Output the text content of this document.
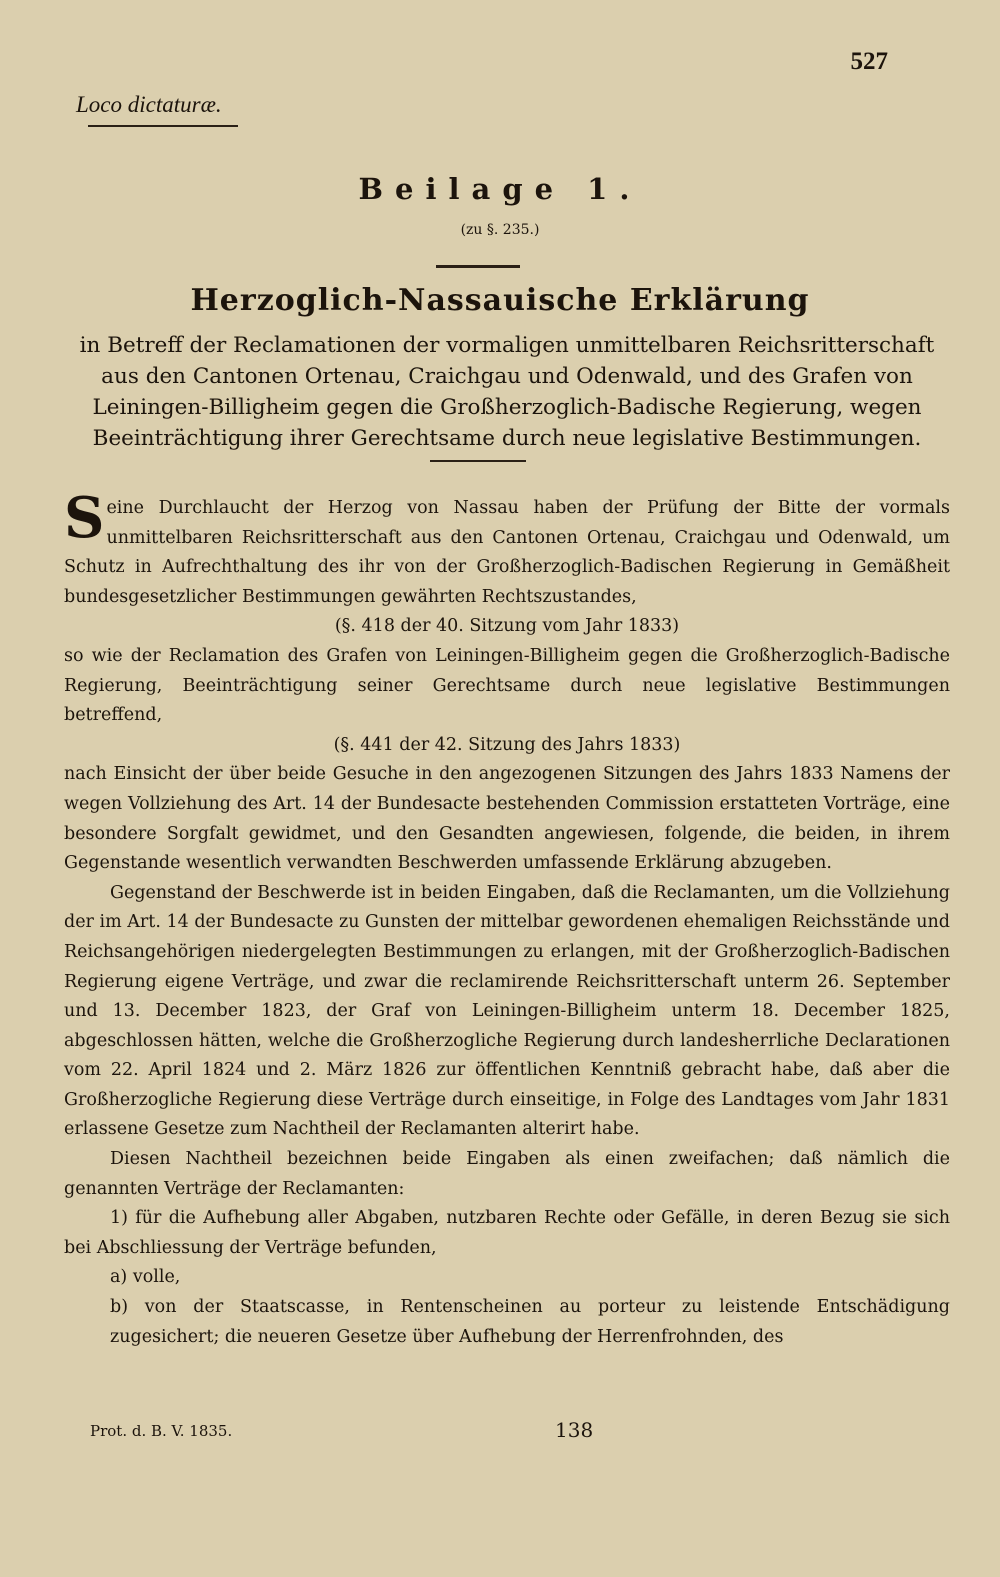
527
Loco dictaturæ.
Beilage 1.
(zu §. 235.)
Herzoglich-Nassauische Erklärung
in Betreff der Reclamationen der vormaligen unmittelbaren Reichsritterschaft aus den Cantonen Ortenau, Craichgau und Odenwald, und des Grafen von Leiningen-Billigheim gegen die Großherzoglich-Badische Regierung, wegen Beeinträchtigung ihrer Gerechtsame durch neue legislative Bestimmungen.

Seine Durchlaucht der Herzog von Nassau haben der Prüfung der Bitte der vormals unmittelbaren Reichsritterschaft aus den Cantonen Ortenau, Craichgau und Odenwald, um Schutz in Aufrechthaltung des ihr von der Großherzoglich-Badischen Regierung in Gemäßheit bundesgesetzlicher Bestimmungen gewährten Rechtszustandes,

(§. 418 der 40. Sitzung vom Jahr 1833)

so wie der Reclamation des Grafen von Leiningen-Billigheim gegen die Großherzoglich-Badische Regierung, Beeinträchtigung seiner Gerechtsame durch neue legislative Bestimmungen betreffend,

(§. 441 der 42. Sitzung des Jahrs 1833)

nach Einsicht der über beide Gesuche in den angezogenen Sitzungen des Jahrs 1833 Namens der wegen Vollziehung des Art. 14 der Bundesacte bestehenden Commission erstatteten Vorträge, eine besondere Sorgfalt gewidmet, und den Gesandten angewiesen, folgende, die beiden, in ihrem Gegenstande wesentlich verwandten Beschwerden umfassende Erklärung abzugeben.

Gegenstand der Beschwerde ist in beiden Eingaben, daß die Reclamanten, um die Vollziehung der im Art. 14 der Bundesacte zu Gunsten der mittelbar gewordenen ehemaligen Reichsstände und Reichsangehörigen niedergelegten Bestimmungen zu erlangen, mit der Großherzoglich-Badischen Regierung eigene Verträge, und zwar die reclamirende Reichsritterschaft unterm 26. September und 13. December 1823, der Graf von Leiningen-Billigheim unterm 18. December 1825, abgeschlossen hätten, welche die Großherzogliche Regierung durch landesherrliche Declarationen vom 22. April 1824 und 2. März 1826 zur öffentlichen Kenntniß gebracht habe, daß aber die Großherzogliche Regierung diese Verträge durch einseitige, in Folge des Landtages vom Jahr 1831 erlassene Gesetze zum Nachtheil der Reclamanten alterirt habe.

Diesen Nachtheil bezeichnen beide Eingaben als einen zweifachen; daß nämlich die genannten Verträge der Reclamanten:

1) für die Aufhebung aller Abgaben, nutzbaren Rechte oder Gefälle, in deren Bezug sie sich bei Abschliessung der Verträge befunden,

a) volle,

b) von der Staatscasse, in Rentenscheinen au porteur zu leistende Entschädigung zugesichert; die neueren Gesetze über Aufhebung der Herrenfrohnden, des

Prot. d. B. V. 1835.	138
